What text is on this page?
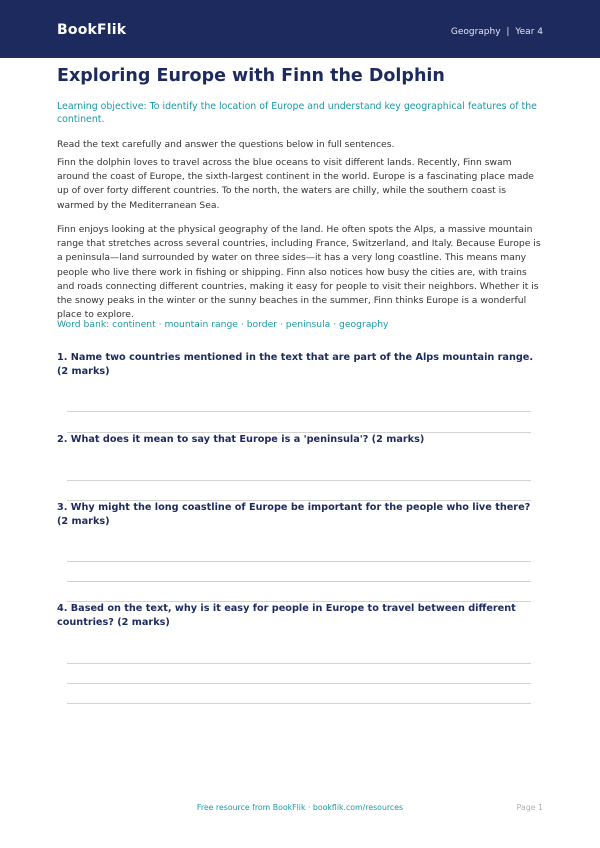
BookFlik	Geography | Year 4
Exploring Europe with Finn the Dolphin
Learning objective: To identify the location of Europe and understand key geographical features of the continent.
Read the text carefully and answer the questions below in full sentences.
Finn the dolphin loves to travel across the blue oceans to visit different lands. Recently, Finn swam around the coast of Europe, the sixth-largest continent in the world. Europe is a fascinating place made up of over forty different countries. To the north, the waters are chilly, while the southern coast is warmed by the Mediterranean Sea.
Finn enjoys looking at the physical geography of the land. He often spots the Alps, a massive mountain range that stretches across several countries, including France, Switzerland, and Italy. Because Europe is a peninsula—land surrounded by water on three sides—it has a very long coastline. This means many people who live there work in fishing or shipping. Finn also notices how busy the cities are, with trains and roads connecting different countries, making it easy for people to visit their neighbors. Whether it is the snowy peaks in the winter or the sunny beaches in the summer, Finn thinks Europe is a wonderful place to explore.
Word bank: continent · mountain range · border · peninsula · geography
1. Name two countries mentioned in the text that are part of the Alps mountain range. (2 marks)
2. What does it mean to say that Europe is a 'peninsula'? (2 marks)
3. Why might the long coastline of Europe be important for the people who live there? (2 marks)
4. Based on the text, why is it easy for people in Europe to travel between different countries? (2 marks)
Free resource from BookFlik · bookflik.com/resources	Page 1
